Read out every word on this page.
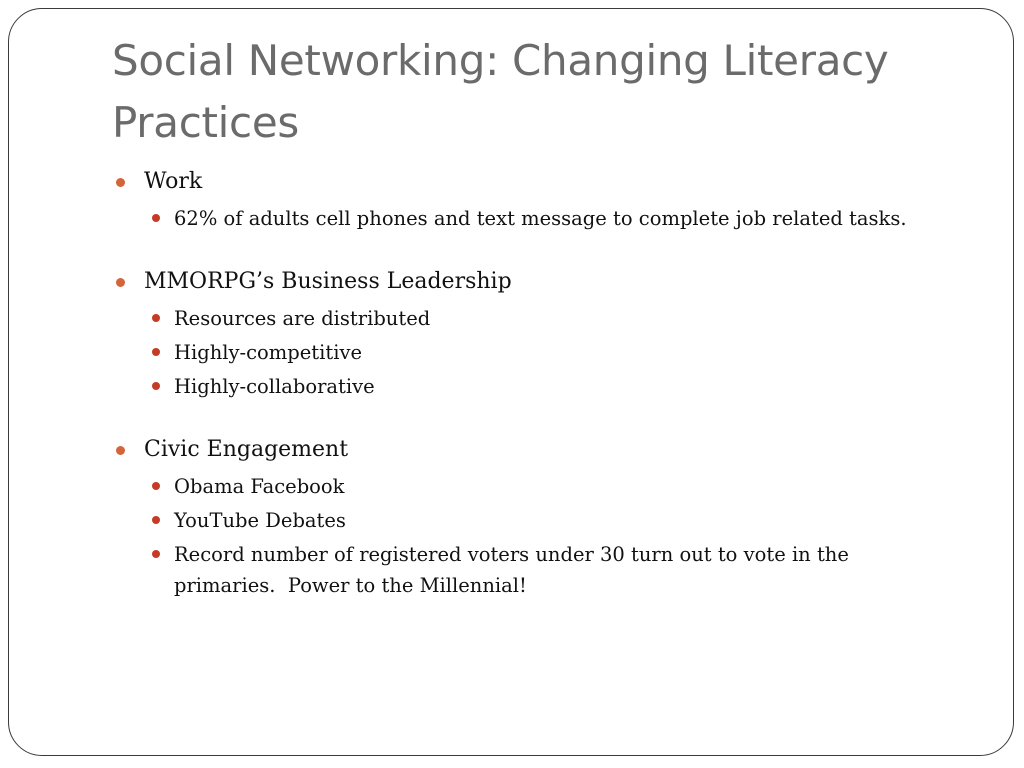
Social Networking: Changing Literacy Practices
Work
62% of adults cell phones and text message to complete job related tasks.
MMORPG’s Business Leadership
Resources are distributed
Highly-competitive
Highly-collaborative
Civic Engagement
Obama Facebook
YouTube Debates
Record number of registered voters under 30 turn out to vote in the primaries.  Power to the Millennial!
